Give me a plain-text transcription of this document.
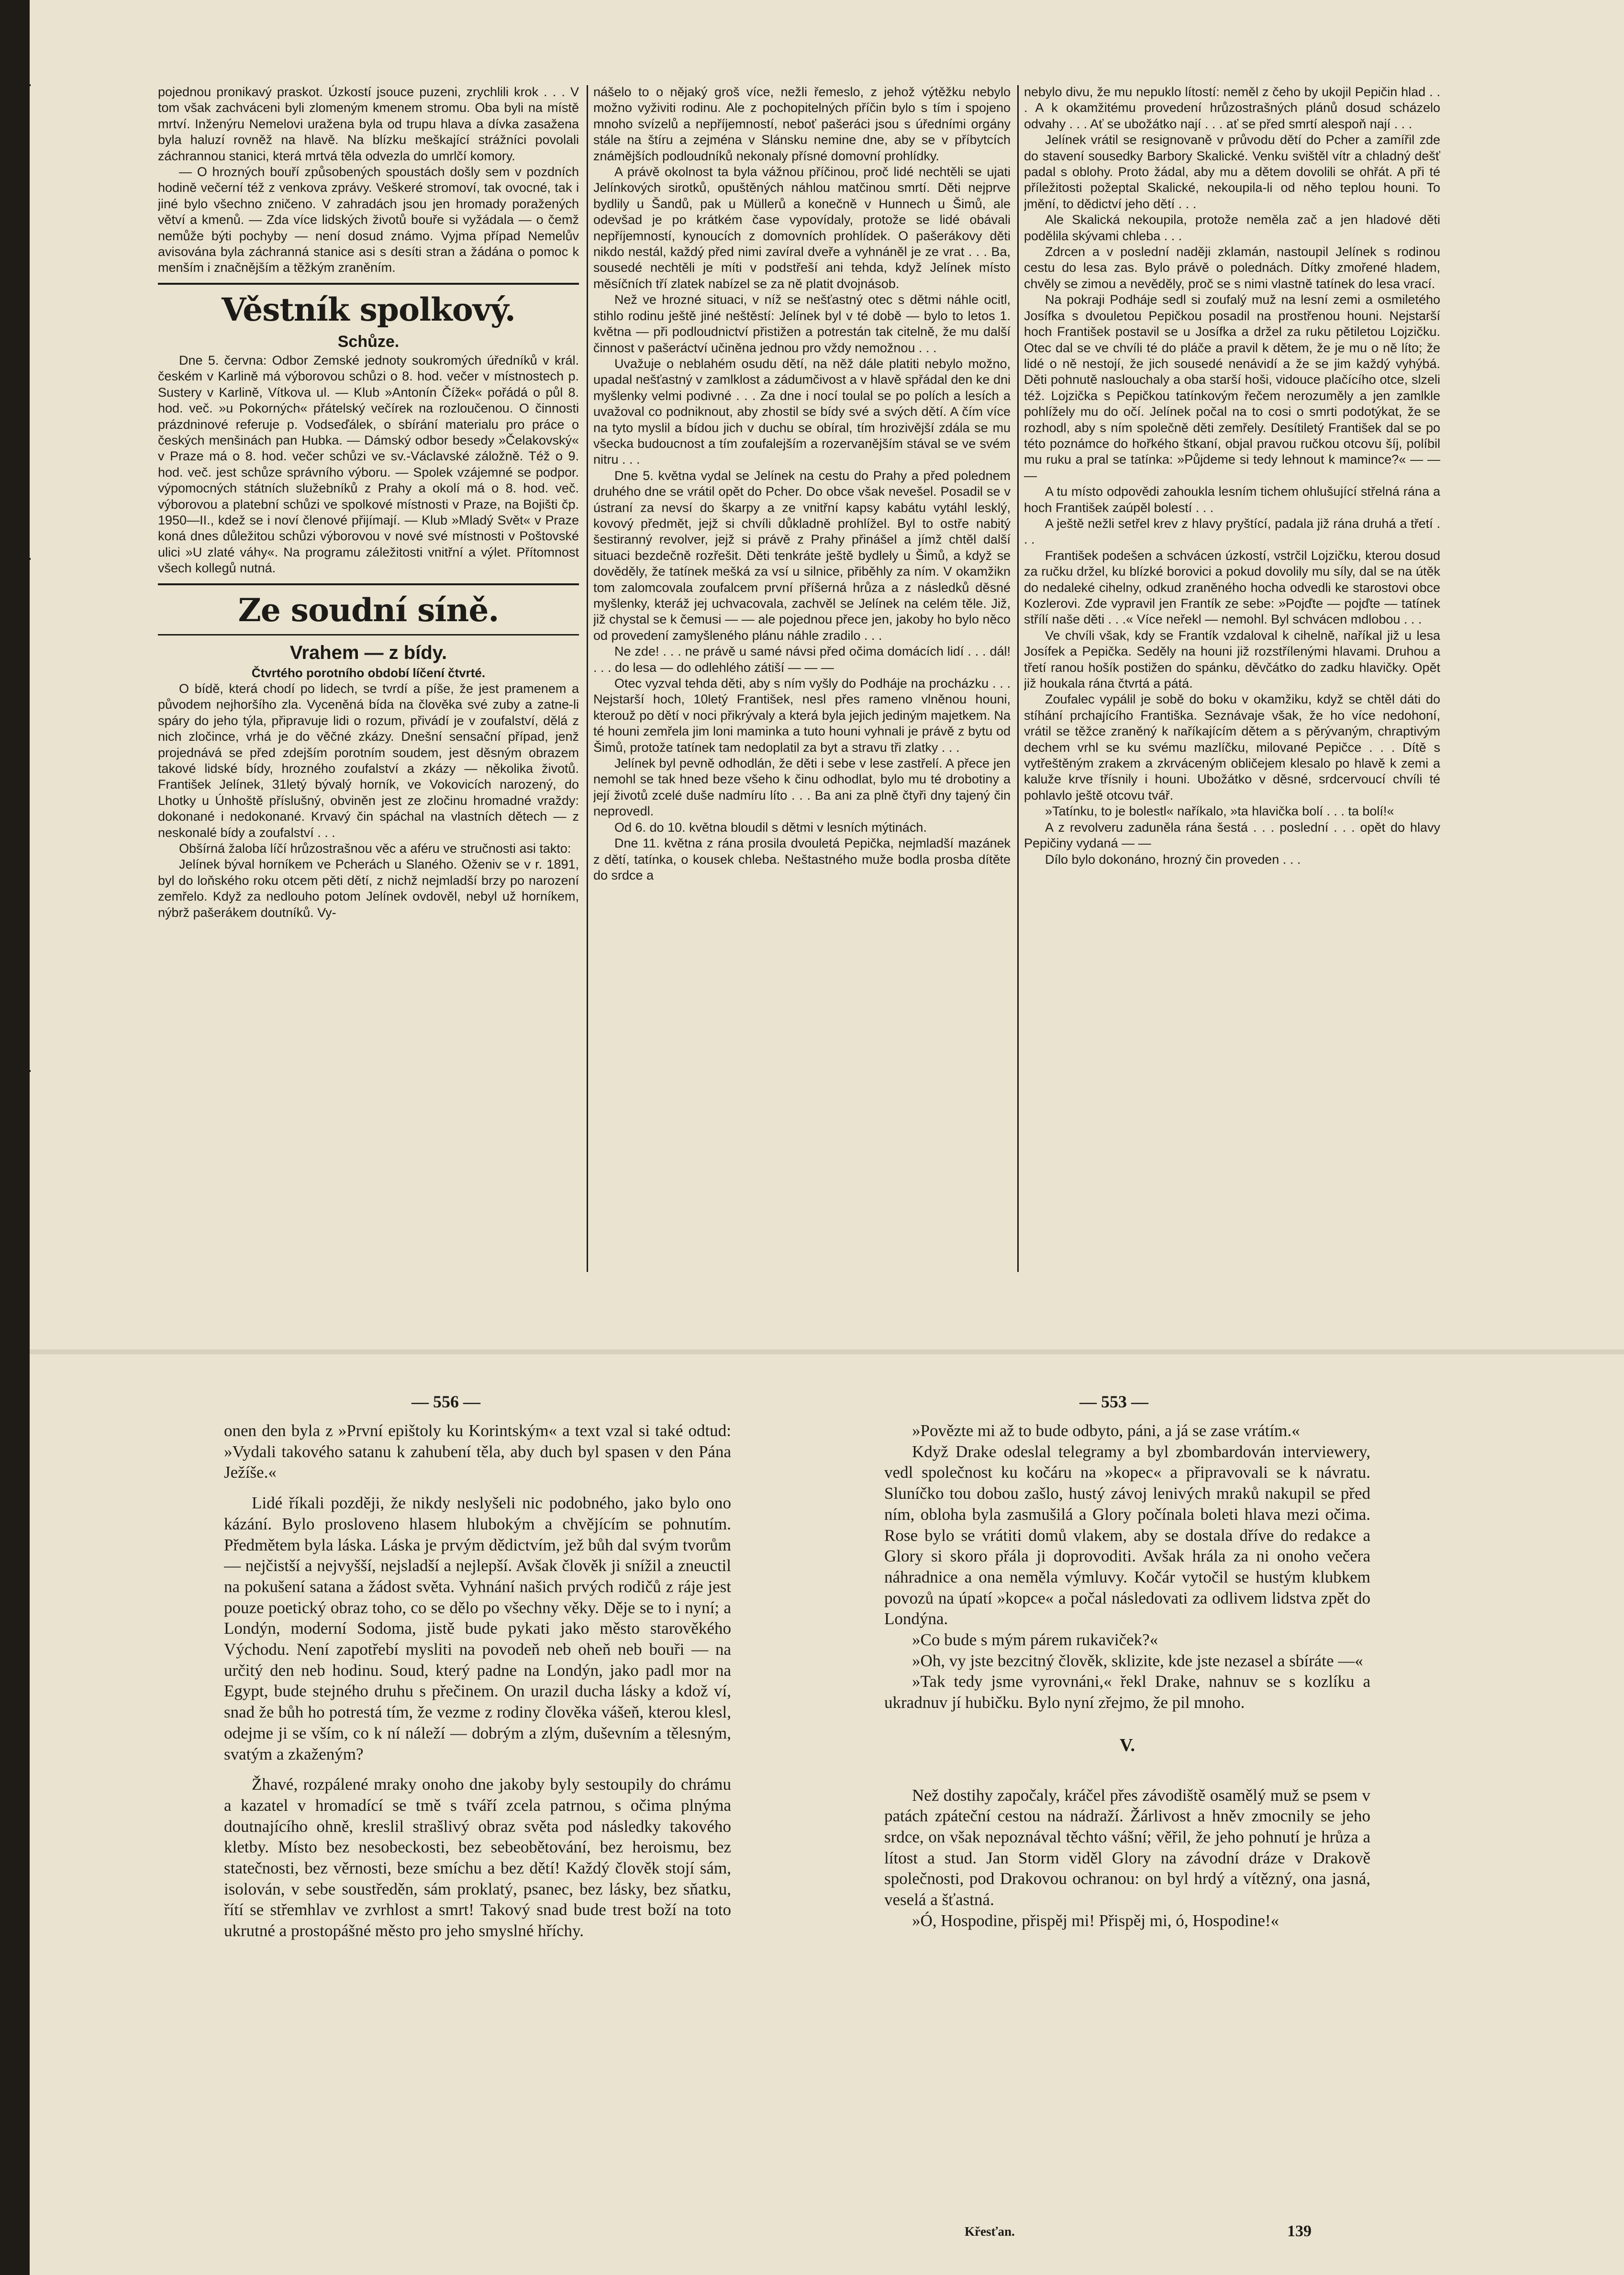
pojednou pronikavý praskot. Úzkostí jsouce puzeni, zrychlili krok . . . V tom však zachváceni byli zlomeným kmenem stromu. Oba byli na místě mrtví. Inženýru Nemelovi uražena byla od trupu hlava a dívka zasažena byla haluzí rovněž na hlavě. Na blízku meškající strážníci povolali záchrannou stanici, která mrtvá těla odvezla do umrlčí komory.

— O hrozných bouří způsobených spoustách došly sem v pozdních hodině večerní též z venkova zprávy. Veškeré stromoví, tak ovocné, tak i jiné bylo všechno zničeno. V zahradách jsou jen hromady poražených větví a kmenů. — Zda více lidských životů bouře si vyžádala — o čemž nemůže býti pochyby — není dosud známo. Vyjma případ Nemelův avisována byla záchranná stanice asi s desíti stran a žádána o pomoc k menším i značnějším a těžkým zraněním.

Věstník spolkový.

Schůze.

Dne 5. června: Odbor Zemské jednoty soukromých úředníků v král. českém v Karlině má výborovou schůzi o 8. hod. večer v místnostech p. Sustery v Karlině, Vítkova ul. — Klub »Antonín Čížek« pořádá o půl 8. hod. več. »u Pokorných« přátelský večírek na rozloučenou. O činnosti prázdninové referuje p. Vodseďálek, o sbírání materialu pro práce o českých menšinách pan Hubka. — Dámský odbor besedy »Čelakovský« v Praze má o 8. hod. večer schůzi ve sv.-Václavské záložně. Též o 9. hod. več. jest schůze správního výboru. — Spolek vzájemné se podpor. výpomocných státních služebníků z Prahy a okolí má o 8. hod. več. výborovou a platební schůzi ve spolkové místnosti v Praze, na Bojišti čp. 1950—II., kdež se i noví členové přijímají. — Klub »Mladý Svět« v Praze koná dnes důležitou schůzi výborovou v nové své místnosti v Poštovské ulici »U zlaté váhy«. Na programu záležitosti vnitřní a výlet. Přítomnost všech kollegů nutná.

Ze soudní síně.

Vrahem — z bídy.

Čtvrtého porotního období líčení čtvrté.

O bídě, která chodí po lidech, se tvrdí a píše, že jest pramenem a původem nejhoršího zla. Vyceněná bída na člověka své zuby a zatne-li spáry do jeho týla, připravuje lidi o rozum, přivádí je v zoufalství, dělá z nich zločince, vrhá je do věčné zkázy. Dnešní sensační případ, jenž projednává se před zdejším porotním soudem, jest děsným obrazem takové lidské bídy, hrozného zoufalství a zkázy — několika životů. František Jelínek, 31letý bývalý horník, ve Vokovicích narozený, do Lhotky u Únhoště příslušný, obviněn jest ze zločinu hromadné vraždy: dokonané i nedokonané. Krvavý čin spáchal na vlastních dětech — z neskonalé bídy a zoufalství . . .

Obšírná žaloba líčí hrůzostrašnou věc a aféru ve stručnosti asi takto:

Jelínek býval horníkem ve Pcherách u Slaného. Oženiv se v r. 1891, byl do loňského roku otcem pěti dětí, z nichž nejmladší brzy po narození zemřelo. Když za nedlouho potom Jelínek ovdověl, nebyl už horníkem, nýbrž pašerákem doutníků. Vy-

nášelo to o nějaký groš více, nežli řemeslo, z jehož výtěžku nebylo možno vyživiti rodinu. Ale z pochopitelných příčin bylo s tím i spojeno mnoho svízelů a nepříjemností, neboť pašeráci jsou s úředními orgány stále na štíru a zejména v Slánsku nemine dne, aby se v příbytcích známějších podloudníků nekonaly přísné domovní prohlídky.

A právě okolnost ta byla vážnou příčinou, proč lidé nechtěli se ujati Jelínkových sirotků, opuštěných náhlou matčinou smrtí. Děti nejprve bydlily u Šandů, pak u Müllerů a konečně v Hunnech u Šimů, ale odevšad je po krátkém čase vypovídaly, protože se lidé obávali nepříjemností, kynoucích z domovních prohlídek. O pašerákovy děti nikdo nestál, každý před nimi zavíral dveře a vyhnáněl je ze vrat . . . Ba, sousedé nechtěli je míti v podstřeší ani tehda, když Jelínek místo měsíčních tří zlatek nabízel se za ně platit dvojnásob.

Než ve hrozné situaci, v níž se nešťastný otec s dětmi náhle ocitl, stihlo rodinu ještě jiné neštěstí: Jelínek byl v té době — bylo to letos 1. května — při podloudnictví přistižen a potrestán tak citelně, že mu další činnost v pašeráctví učiněna jednou pro vždy nemožnou . . .

Uvažuje o neblahém osudu dětí, na něž dále platiti nebylo možno, upadal nešťastný v zamlklost a zádumčivost a v hlavě spřádal den ke dni myšlenky velmi podivné . . . Za dne i nocí toulal se po polích a lesích a uvažoval co podniknout, aby zhostil se bídy své a svých dětí. A čím více na tyto myslil a bídou jich v duchu se obíral, tím hrozivější zdála se mu všecka budoucnost a tím zoufalejším a rozervanějším stával se ve svém nitru . . .

Dne 5. května vydal se Jelínek na cestu do Prahy a před polednem druhého dne se vrátil opět do Pcher. Do obce však nevešel. Posadil se v ústraní za nevsí do škarpy a ze vnitřní kapsy kabátu vytáhl lesklý, kovový předmět, jejž si chvíli důkladně prohlížel. Byl to ostře nabitý šestiranný revolver, jejž si právě z Prahy přinášel a jímž chtěl další situaci bezdečně rozřešit. Děti tenkráte ještě bydlely u Šimů, a když se dověděly, že tatínek mešká za vsí u silnice, přiběhly za ním. V okamžikn tom zalomcovala zoufalcem první příšerná hrůza a z následků děsné myšlenky, kteráž jej uchvacovala, zachvěl se Jelínek na celém těle. Již, již chystal se k čemusi — — ale pojednou přece jen, jakoby ho bylo něco od provedení zamyšleného plánu náhle zradilo . . .

Ne zde! . . . ne právě u samé návsi před očima domácích lidí . . . dál! . . . do lesa — do odlehlého zátiší — — —

Otec vyzval tehda děti, aby s ním vyšly do Podháje na procházku . . . Nejstarší hoch, 10letý František, nesl přes rameno vlněnou houni, kterouž po dětí v noci přikrývaly a která byla jejich jediným majetkem. Na té houni zemřela jim loni maminka a tuto houni vyhnali je právě z bytu od Šimů, protože tatínek tam nedoplatil za byt a stravu tři zlatky . . .

Jelínek byl pevně odhodlán, že děti i sebe v lese zastřelí. A přece jen nemohl se tak hned beze všeho k činu odhodlat, bylo mu té drobotiny a její životů zcelé duše nadmíru líto . . . Ba ani za plně čtyři dny tajený čin neprovedl.

Od 6. do 10. května bloudil s dětmi v lesních mýtinách.

Dne 11. května z rána prosila dvouletá Pepička, nejmladší mazánek z dětí, tatínka, o kousek chleba. Neštastného muže bodla prosba dítěte do srdce a

nebylo divu, že mu nepuklo lítostí: neměl z čeho by ukojil Pepičin hlad . . . A k okamžitému provedení hrůzostrašných plánů dosud scházelo odvahy . . . Ať se ubožátko nají . . . ať se před smrtí alespoň nají . . .

Jelínek vrátil se resignovaně v průvodu dětí do Pcher a zamířil zde do stavení sousedky Barbory Skalické. Venku svištěl vítr a chladný dešť padal s oblohy. Proto žádal, aby mu a dětem dovolili se ohřát. A při té příležitosti požeptal Skalické, nekoupila-li od něho teplou houni. To jmění, to dědictví jeho dětí . . .

Ale Skalická nekoupila, protože neměla zač a jen hladové děti podělila skývami chleba . . .

Zdrcen a v poslední naději zklamán, nastoupil Jelínek s rodinou cestu do lesa zas. Bylo právě o polednách. Dítky zmořené hladem, chvěly se zimou a nevěděly, proč se s nimi vlastně tatínek do lesa vrací.

Na pokraji Podháje sedl si zoufalý muž na lesní zemi a osmiletého Josífka s dvouletou Pepičkou posadil na prostřenou houni. Nejstarší hoch František postavil se u Josífka a držel za ruku pětiletou Lojzičku. Otec dal se ve chvíli té do pláče a pravil k dětem, že je mu o ně líto; že lidé o ně nestojí, že jich sousedé nenávidí a že se jim každý vyhýbá. Děti pohnutě naslouchaly a oba starší hoši, vidouce plačícího otce, slzeli též. Lojzička s Pepičkou tatínkovým řečem nerozuměly a jen zamlkle pohlížely mu do očí. Jelínek počal na to cosi o smrti podotýkat, že se rozhodl, aby s ním společně děti zemřely. Desítiletý František dal se po této poznámce do hořkého štkaní, objal pravou ručkou otcovu šíj, políbil mu ruku a pral se tatínka: »Půjdeme si tedy lehnout k mamince?« — — —

A tu místo odpovědi zahoukla lesním tichem ohlušující střelná rána a hoch František zaúpěl bolestí . . .

A ještě nežli setřel krev z hlavy pryštící, padala již rána druhá a třetí . . .

František podešen a schvácen úzkostí, vstrčil Lojzičku, kterou dosud za ručku držel, ku blízké borovici a pokud dovolily mu síly, dal se na útěk do nedaleké cihelny, odkud zraněného hocha odvedli ke starostovi obce Kozlerovi. Zde vypravil jen Frantík ze sebe: »Pojďte — pojďte — tatínek střílí naše děti . . .« Více neřekl — nemohl. Byl schvácen mdlobou . . .

Ve chvíli však, kdy se Frantík vzdaloval k cihelně, naříkal již u lesa Josífek a Pepička. Seděly na houni již rozstřílenými hlavami. Druhou a třetí ranou hošík postižen do spánku, děvčátko do zadku hlavičky. Opět již houkala rána čtvrtá a pátá.

Zoufalec vypálil je sobě do boku v okamžiku, když se chtěl dáti do stíhání prchajícího Františka. Seznávaje však, že ho více nedohoní, vrátil se těžce zraněný k naříkajícím dětem a s pěrývaným, chraptivým dechem vrhl se ku svému mazlíčku, milované Pepičce . . . Dítě s vytřeštěným zrakem a zkrváceným obličejem klesalo po hlavě k zemi a kaluže krve třísnily i houni. Ubožátko v děsné, srdcervoucí chvíli té pohlavlo ještě otcovu tvář.

»Tatínku, to je bolestl« naříkalo, »ta hlavička bolí . . . ta bolí!«

A z revolveru zaduněla rána šestá . . . poslední . . . opět do hlavy Pepičiny vydaná — —

Dílo bylo dokonáno, hrozný čin proveden . . .

— 556 —	— 553 —

onen den byla z »První epištoly ku Korintským« a text vzal si také odtud: »Vydali takového satanu k zahubení těla, aby duch byl spasen v den Pána Ježíše.«

Lidé říkali později, že nikdy neslyšeli nic podobného, jako bylo ono kázání. Bylo proslovenо hlasem hlubokým a chvějícím se pohnutím. Předmětem byla láska. Láska je prvým dědictvím, jež bůh dal svým tvorům — nejčistší a nejvyšší, nejsladší a nejlepší. Avšak člověk ji snížil a zneuctil na pokušení satana a žádost světa. Vyhnání našich prvých rodičů z ráje jest pouze poetický obraz toho, co se dělo po všechny věky. Děje se to i nyní; a Londýn, moderní Sodoma, jistě bude pykati jako město starověkého Východu. Není zapotřebí mysliti na povodeň neb oheň neb bouři — na určitý den neb hodinu. Soud, který padne na Londýn, jako padl mor na Egypt, bude stejného druhu s přečinem. On urazil ducha lásky a kdož ví, snad že bůh ho potrestá tím, že vezme z rodiny člověka vášeň, kterou klesl, odejme ji se vším, co k ní náleží — dobrým a zlým, duševním a tělesným, svatým a zkaženým?

Žhavé, rozpálené mraky onoho dne jakoby byly sestoupily do chrámu a kazatel v hromadící se tmě s tváří zcela patrnou, s očima plnýma doutnajícího ohně, kreslil strašlivý obraz světa pod následky takového kletby. Místo bez nesobeckosti, bez sebeobětování, bez heroismu, bez statečnosti, bez věrnosti, beze smíchu a bez dětí! Každý člověk stojí sám, isolován, v sebe soustředěn, sám proklatý, psanec, bez lásky, bez sňatku, řítí se střemhlav ve zvrhlost a smrt! Takový snad bude trest boží na toto ukrutné a prostopášné město pro jeho smyslné hříchy.

»Povězte mi až to bude odbyto, páni, a já se zase vrátím.«

Když Drake odeslal telegramy a byl zbombardován interviewery, vedl společnost ku kočáru na »kopec« a připravovali se k návratu. Sluníčko tou dobou zašlo, hustý závoj lenivých mraků nakupil se před ním, obloha byla zasmušilá a Glory počínala boleti hlava mezi očima. Rose bylo se vrátiti domů vlakem, aby se dostala dříve do redakce a Glory si skoro přála ji doprovoditi. Avšak hrála za ni onoho večera náhradnice a ona neměla výmluvy. Kočár vytočil se hustým klubkem povozů na úpatí »kopce« a počal následovati za odlivem lidstva zpět do Londýna.

»Co bude s mým párem rukaviček?«

»Oh, vy jste bezcitný člověk, sklizite, kde jste nezasel a sbíráte —«

»Tak tedy jsme vyrovnáni,« řekl Drake, nahnuv se s kozlíku a ukradnuv jí hubičku. Bylo nyní zřejmo, že pil mnoho.

V.

Než dostihy započaly, kráčel přes závodiště osamělý muž se psem v patách zpáteční cestou na nádraží. Žárlivost a hněv zmocnily se jeho srdce, on však nepoznával těchto vášní; věřil, že jeho pohnutí je hrůza a lítost a stud. Jan Storm viděl Glory na závodní dráze v Drakově společnosti, pod Drakovou ochranou: on byl hrdý a vítězný, ona jasná, veselá a šťastná.

»Ó, Hospodine, přispěj mi! Přispěj mi, ó, Hospodine!«

Křesťan.	139
